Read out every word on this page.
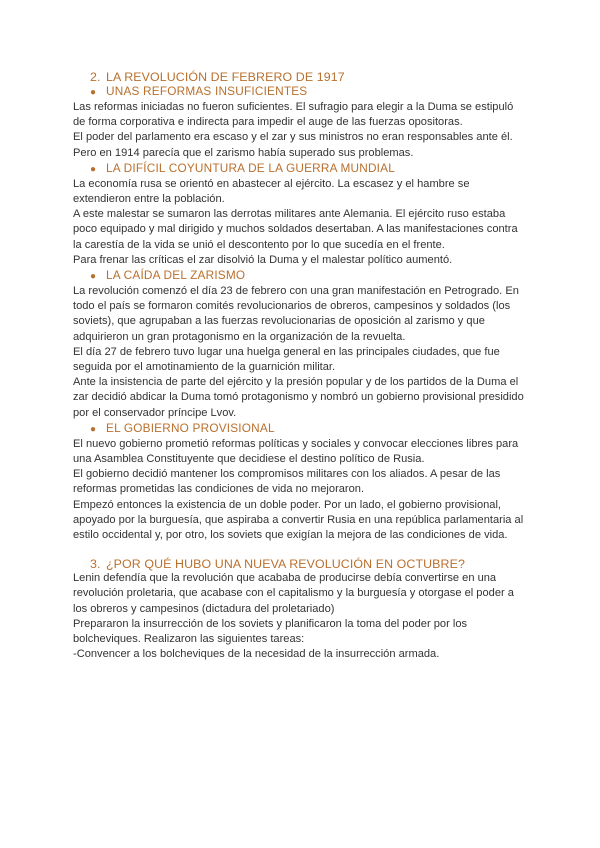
2. LA REVOLUCIÓN DE FEBRERO DE 1917
● UNAS REFORMAS INSUFICIENTES

Las reformas iniciadas no fueron suficientes. El sufragio para elegir a la Duma se estipuló de forma corporativa e indirecta para impedir el auge de las fuerzas opositoras.

El poder del parlamento era escaso y el zar y sus ministros no eran responsables ante él.

Pero en 1914 parecía que el zarismo había superado sus problemas.

● LA DIFÍCIL COYUNTURA DE LA GUERRA MUNDIAL

La economía rusa se orientó en abastecer al ejército. La escasez y el hambre se extendieron entre la población.

A este malestar se sumaron las derrotas militares ante Alemania. El ejército ruso estaba poco equipado y mal dirigido y muchos soldados desertaban. A las manifestaciones contra la carestía de la vida se unió el descontento por lo que sucedía en el frente.

Para frenar las críticas el zar disolvió la Duma y el malestar político aumentó.

● LA CAÍDA DEL ZARISMO

La revolución comenzó el día 23 de febrero con una gran manifestación en Petrogrado. En todo el país se formaron comités revolucionarios de obreros, campesinos y soldados (los soviets), que agrupaban a las fuerzas revolucionarias de oposición al zarismo y que adquirieron un gran protagonismo en la organización de la revuelta.

El día 27 de febrero tuvo lugar una huelga general en las principales ciudades, que fue seguida por el amotinamiento de la guarnición militar.

Ante la insistencia de parte del ejército y la presión popular y de los partidos de la Duma el zar decidió abdicar la Duma tomó protagonismo y nombró un gobierno provisional presidido por el conservador príncipe Lvov.

● EL GOBIERNO PROVISIONAL

El nuevo gobierno prometió reformas políticas y sociales y convocar elecciones libres para una Asamblea Constituyente que decidiese el destino político de Rusia.

El gobierno decidió mantener los compromisos militares con los aliados. A pesar de las reformas prometidas las condiciones de vida no mejoraron.

Empezó entonces la existencia de un doble poder. Por un lado, el gobierno provisional, apoyado por la burguesía, que aspiraba a convertir Rusia en una república parlamentaria al estilo occidental y, por otro, los soviets que exigían la mejora de las condiciones de vida.

3. ¿POR QUÉ HUBO UNA NUEVA REVOLUCIÓN EN OCTUBRE?

Lenin defendía que la revolución que acababa de producirse debía convertirse en una revolución proletaria, que acabase con el capitalismo y la burguesía y otorgase el poder a los obreros y campesinos (dictadura del proletariado)

Prepararon la insurrección de los soviets y planificaron la toma del poder por los bolcheviques. Realizaron las siguientes tareas:

-Convencer a los bolcheviques de la necesidad de la insurrección armada.
